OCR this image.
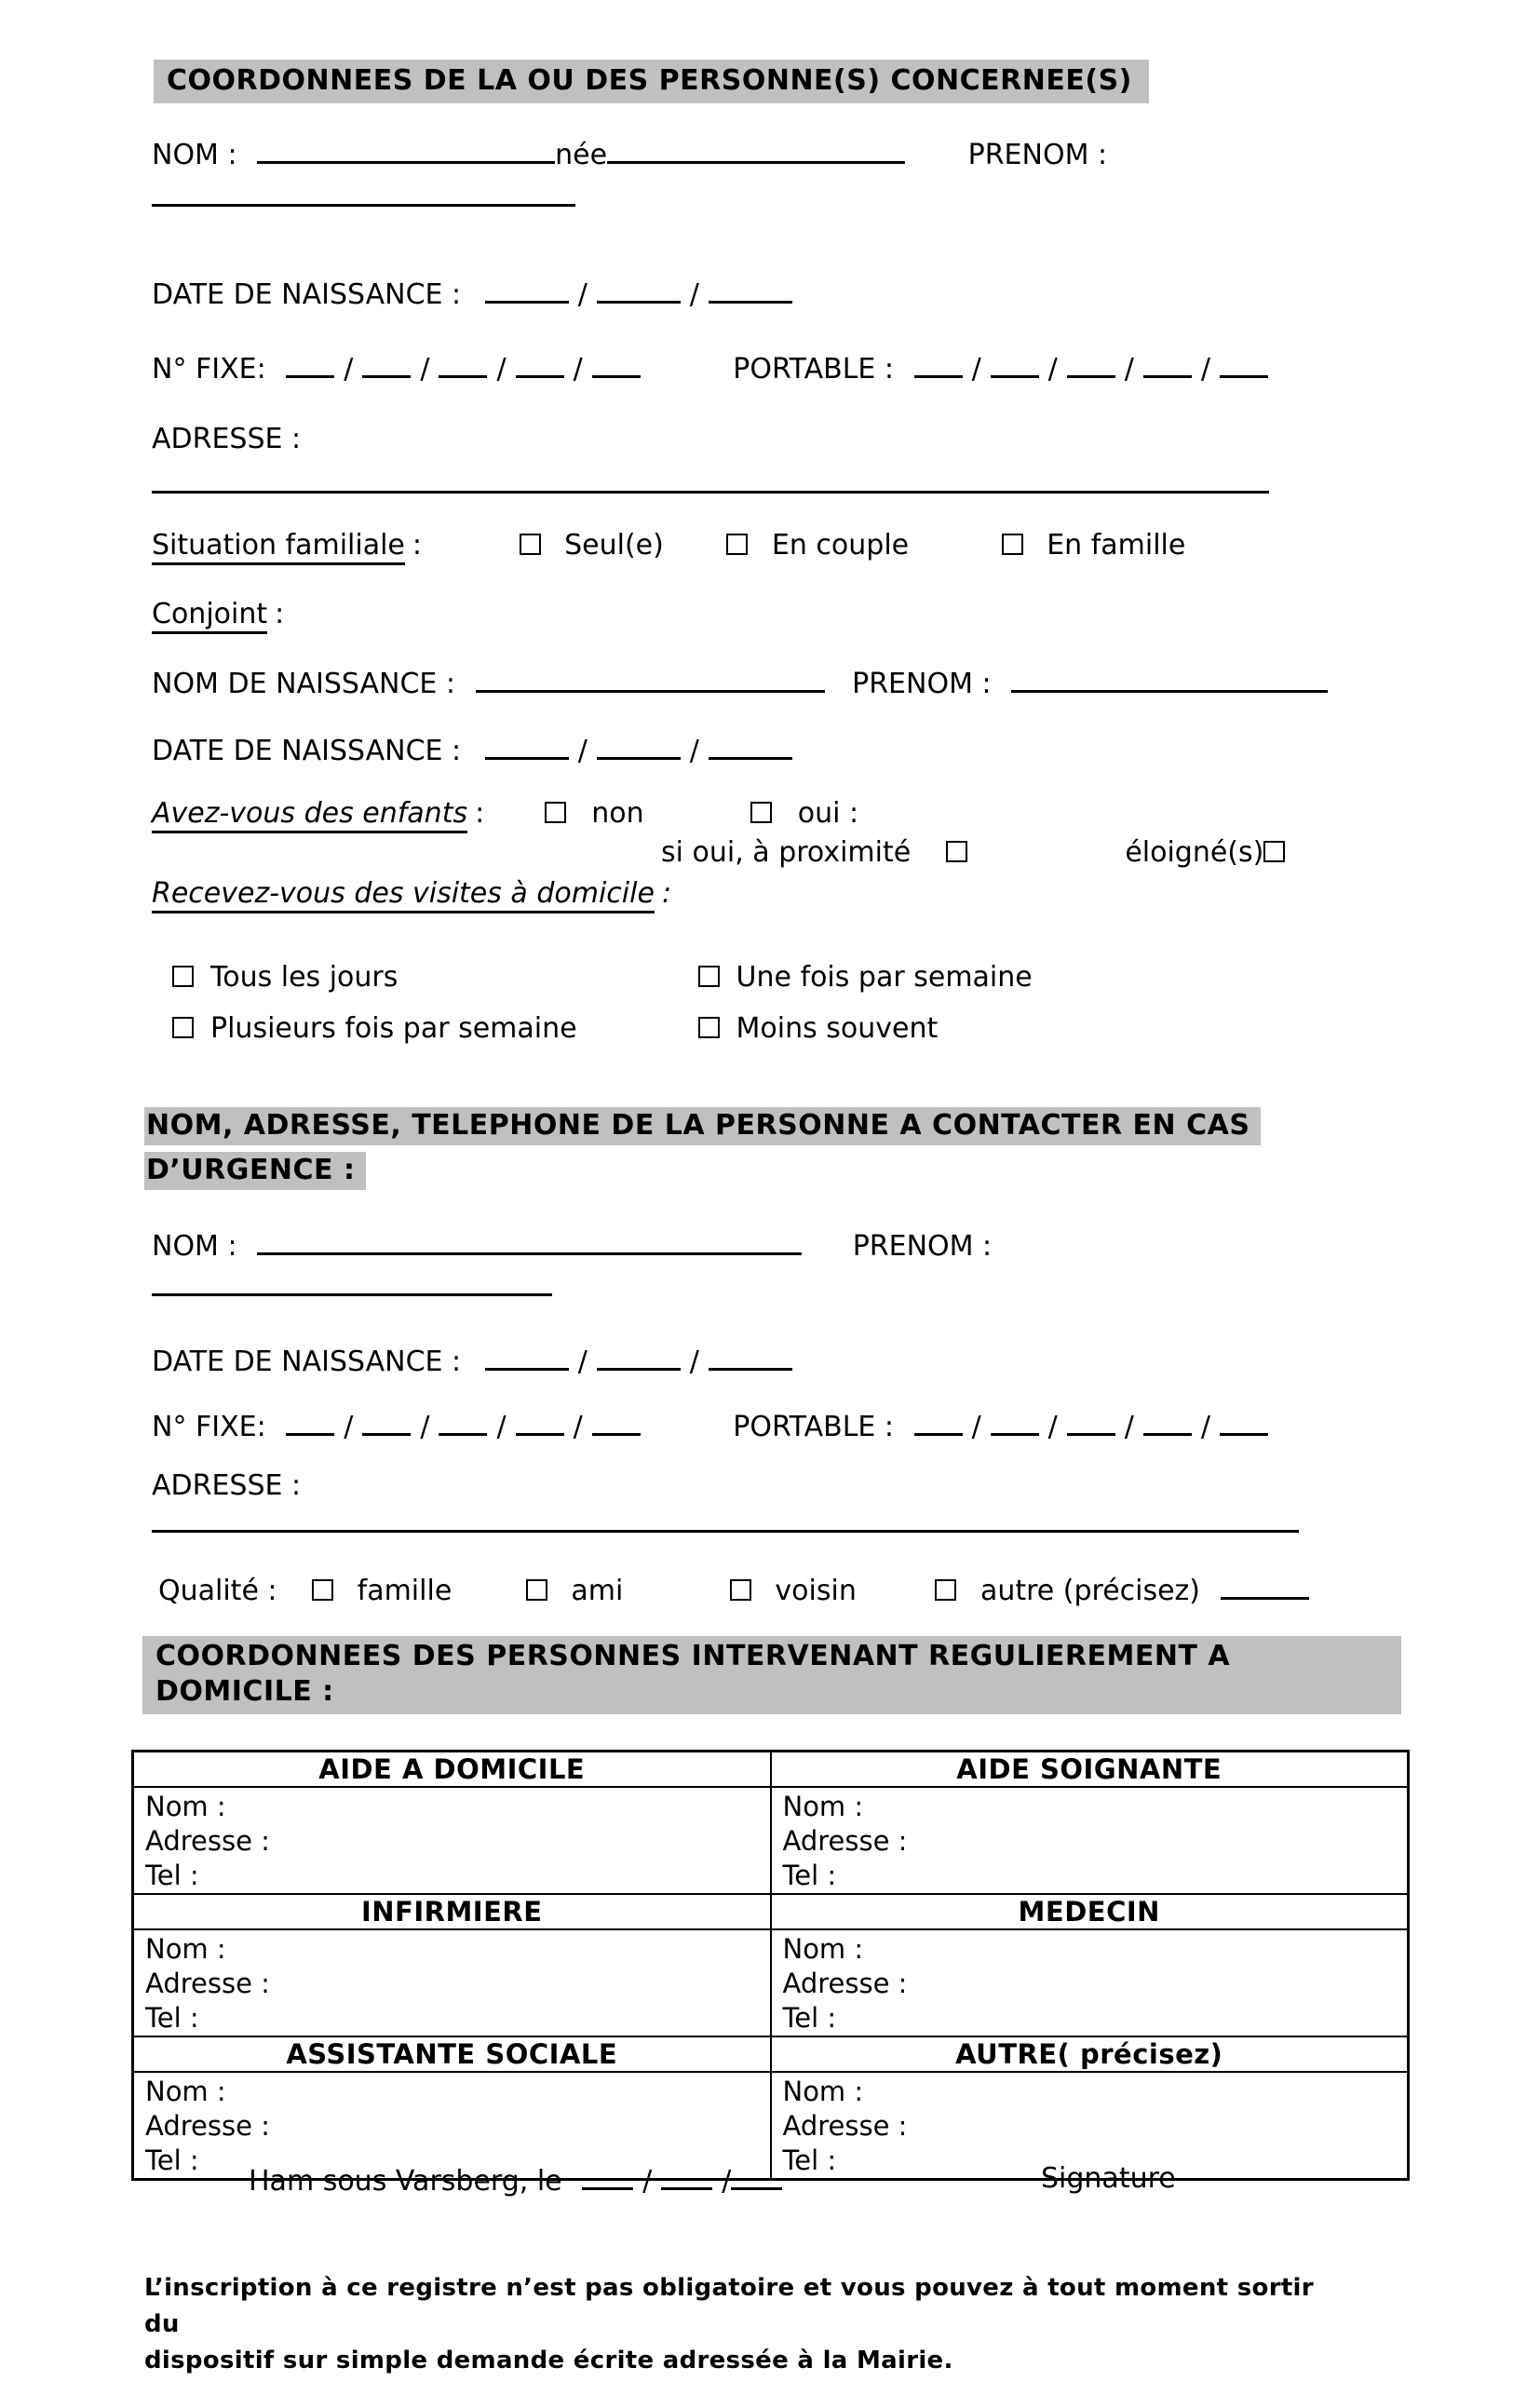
COORDONNEES DE LA OU DES PERSONNE(S) CONCERNEE(S)
NOM :	née	PRENOM :
DATE DE NAISSANCE :	/	/
N° FIXE:	/ / / /	PORTABLE :	/ / / /
ADRESSE :
Situation familiale :	Seul(e)	En couple	En famille
Conjoint :
NOM DE NAISSANCE :	PRENOM :
DATE DE NAISSANCE :	/	/
Avez-vous des enfants :	non	oui :
si oui, à proximité	éloigné(s)
Recevez-vous des visites à domicile :
Tous les jours	Une fois par semaine
Plusieurs fois par semaine	Moins souvent
NOM, ADRESSE, TELEPHONE DE LA PERSONNE A CONTACTER EN CAS
D’URGENCE :
NOM :	PRENOM :
DATE DE NAISSANCE :	/	/
N° FIXE:	/ / / /	PORTABLE :	/ / / /
ADRESSE :
Qualité :	famille	ami	voisin	autre (précisez)
COORDONNEES DES PERSONNES INTERVENANT REGULIEREMENT A
DOMICILE :
AIDE A DOMICILE	AIDE SOIGNANTE

Nom :
Adresse :
Tel :

Nom :
Adresse :
Tel :

INFIRMIERE	MEDECIN

Nom :
Adresse :
Tel :

Nom :
Adresse :
Tel :

ASSISTANTE SOCIALE	AUTRE( précisez)

Nom :
Adresse :
Tel :

Nom :
Adresse :
Tel :
Ham sous Varsberg, le	/	/	Signature
L’inscription à ce registre n’est pas obligatoire et vous pouvez à tout moment sortir du
dispositif sur simple demande écrite adressée à la Mairie.
